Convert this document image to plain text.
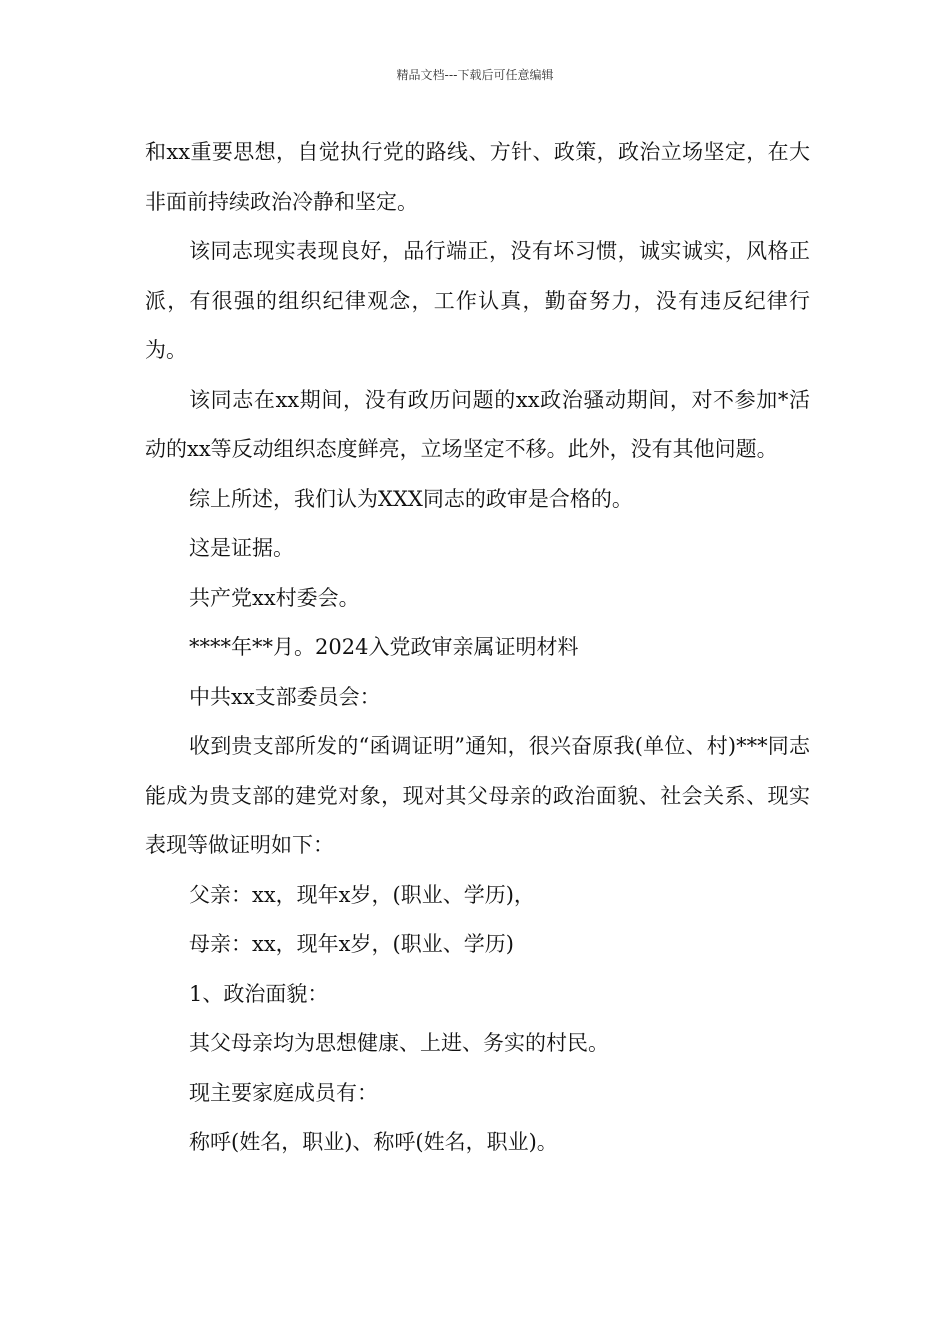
精品文档---下载后可任意编辑

和xx重要思想，自觉执行党的路线、方针、政策，政治立场坚定，在大非面前持续政治冷静和坚定。

该同志现实表现良好，品行端正，没有坏习惯，诚实诚实，风格正派，有很强的组织纪律观念，工作认真，勤奋努力，没有违反纪律行为。

该同志在xx期间，没有政历问题的xx政治骚动期间，对不参加*活动的xx等反动组织态度鲜亮，立场坚定不移。此外，没有其他问题。

综上所述，我们认为XXX同志的政审是合格的。

这是证据。

共产党xx村委会。

****年**月。2024入党政审亲属证明材料

中共xx支部委员会：

收到贵支部所发的“函调证明”通知，很兴奋原我(单位、村)***同志能成为贵支部的建党对象，现对其父母亲的政治面貌、社会关系、现实表现等做证明如下：

父亲：xx，现年x岁，(职业、学历)，

母亲：xx，现年x岁，(职业、学历)

1、政治面貌：

其父母亲均为思想健康、上进、务实的村民。

现主要家庭成员有：

称呼(姓名，职业)、称呼(姓名，职业)。
